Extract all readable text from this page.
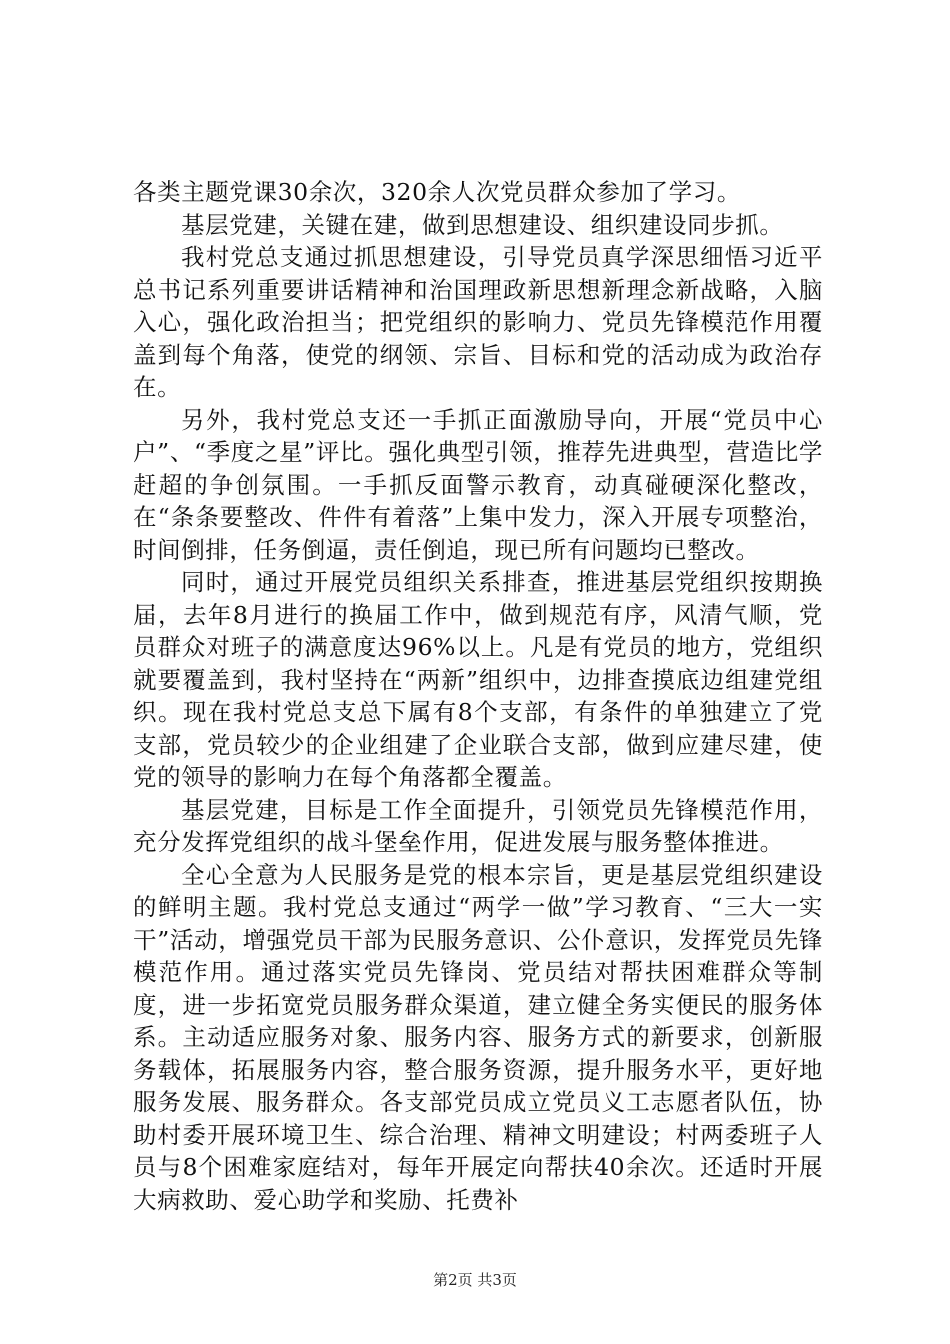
各类主题党课30余次，320余人次党员群众参加了学习。

基层党建，关键在建，做到思想建设、组织建设同步抓。

我村党总支通过抓思想建设，引导党员真学深思细悟习近平总书记系列重要讲话精神和治国理政新思想新理念新战略，入脑入心，强化政治担当；把党组织的影响力、党员先锋模范作用覆盖到每个角落，使党的纲领、宗旨、目标和党的活动成为政治存在。

另外，我村党总支还一手抓正面激励导向，开展“党员中心户”、“季度之星”评比。强化典型引领，推荐先进典型，营造比学赶超的争创氛围。一手抓反面警示教育，动真碰硬深化整改，在“条条要整改、件件有着落”上集中发力，深入开展专项整治，时间倒排，任务倒逼，责任倒追，现已所有问题均已整改。

同时，通过开展党员组织关系排查，推进基层党组织按期换届，去年8月进行的换届工作中，做到规范有序，风清气顺，党员群众对班子的满意度达96%以上。凡是有党员的地方，党组织就要覆盖到，我村坚持在“两新”组织中，边排查摸底边组建党组织。现在我村党总支总下属有8个支部，有条件的单独建立了党支部，党员较少的企业组建了企业联合支部，做到应建尽建，使党的领导的影响力在每个角落都全覆盖。

基层党建，目标是工作全面提升，引领党员先锋模范作用，充分发挥党组织的战斗堡垒作用，促进发展与服务整体推进。

全心全意为人民服务是党的根本宗旨，更是基层党组织建设的鲜明主题。我村党总支通过“两学一做”学习教育、“三大一实干”活动，增强党员干部为民服务意识、公仆意识，发挥党员先锋模范作用。通过落实党员先锋岗、党员结对帮扶困难群众等制度，进一步拓宽党员服务群众渠道，建立健全务实便民的服务体系。主动适应服务对象、服务内容、服务方式的新要求，创新服务载体，拓展服务内容，整合服务资源，提升服务水平，更好地服务发展、服务群众。各支部党员成立党员义工志愿者队伍，协助村委开展环境卫生、综合治理、精神文明建设；村两委班子人员与8个困难家庭结对，每年开展定向帮扶40余次。还适时开展大病救助、爱心助学和奖励、托费补

第2页 共3页
